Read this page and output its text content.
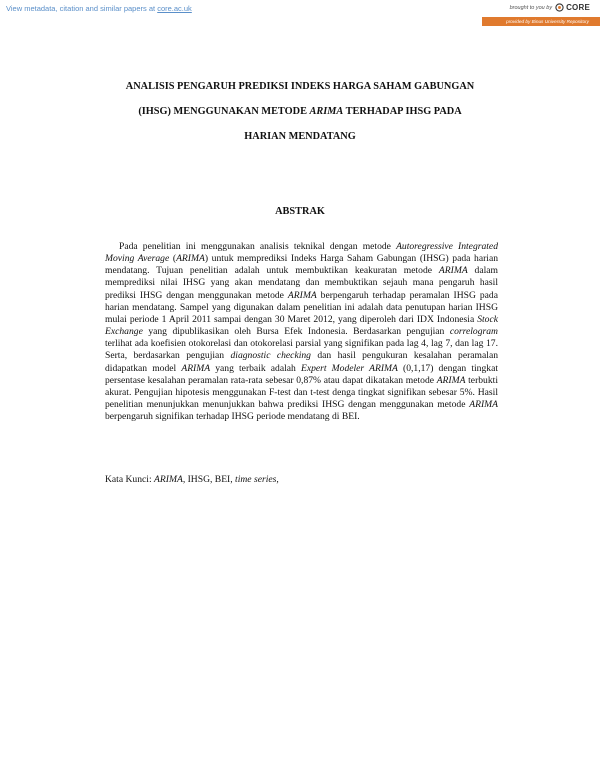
View metadata, citation and similar papers at core.ac.uk	brought to you by CORE
provided by Binus University Repository
ANALISIS PENGARUH PREDIKSI INDEKS HARGA SAHAM GABUNGAN
(IHSG) MENGGUNAKAN METODE ARIMA TERHADAP IHSG PADA
HARIAN MENDATANG
ABSTRAK

Pada penelitian ini menggunakan analisis teknikal dengan metode Autoregressive Integrated Moving Average (ARIMA) untuk memprediksi Indeks Harga Saham Gabungan (IHSG) pada harian mendatang. Tujuan penelitian adalah untuk membuktikan keakuratan metode ARIMA dalam memprediksi nilai IHSG yang akan mendatang dan membuktikan sejauh mana pengaruh hasil prediksi IHSG dengan menggunakan metode ARIMA berpengaruh terhadap peramalan IHSG pada harian mendatang. Sampel yang digunakan dalam penelitian ini adalah data penutupan harian IHSG mulai periode 1 April 2011 sampai dengan 30 Maret 2012, yang diperoleh dari IDX Indonesia Stock Exchange yang dipublikasikan oleh Bursa Efek Indonesia. Berdasarkan pengujian correlogram terlihat ada koefisien otokorelasi dan otokorelasi parsial yang signifikan pada lag 4, lag 7, dan lag 17. Serta, berdasarkan pengujian diagnostic checking dan hasil pengukuran kesalahan peramalan didapatkan model ARIMA yang terbaik adalah Expert Modeler ARIMA (0,1,17) dengan tingkat persentase kesalahan peramalan rata-rata sebesar 0,87% atau dapat dikatakan metode ARIMA terbukti akurat. Pengujian hipotesis menggunakan F-test dan t-test denga tingkat signifikan sebesar 5%. Hasil penelitian menunjukkan menunjukkan bahwa prediksi IHSG dengan menggunakan metode ARIMA berpengaruh signifikan terhadap IHSG periode mendatang di BEI.

Kata Kunci: ARIMA, IHSG, BEI, time series,
